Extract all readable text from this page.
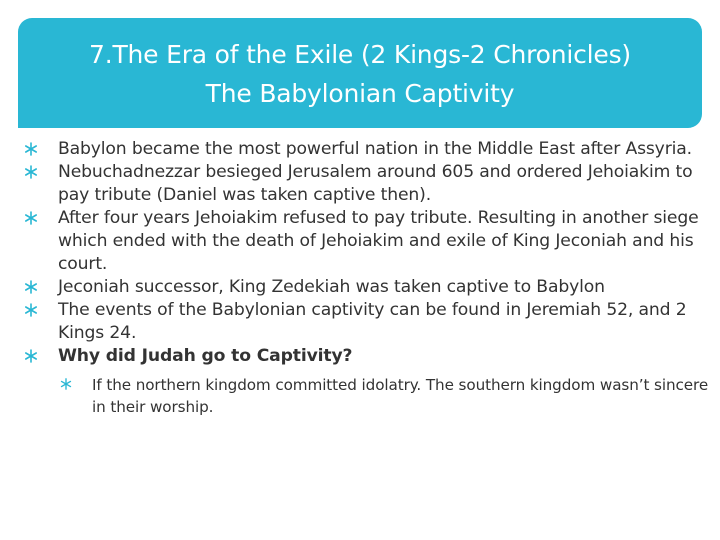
7.The Era of the Exile (2 Kings-2 Chronicles)
The Babylonian Captivity
Babylon became the most powerful nation in the Middle East after Assyria.
Nebuchadnezzar besieged Jerusalem around 605 and ordered Jehoiakim to pay tribute (Daniel was taken captive then).
After four years Jehoiakim refused to pay tribute. Resulting in another siege which ended with the death of Jehoiakim and exile of King Jeconiah and his court.
Jeconiah successor, King Zedekiah was taken captive to Babylon
The events of the Babylonian captivity can be found in Jeremiah 52, and 2 Kings 24.
Why did Judah go to Captivity?
If the northern kingdom committed idolatry. The southern kingdom wasn’t sincere in their worship.
